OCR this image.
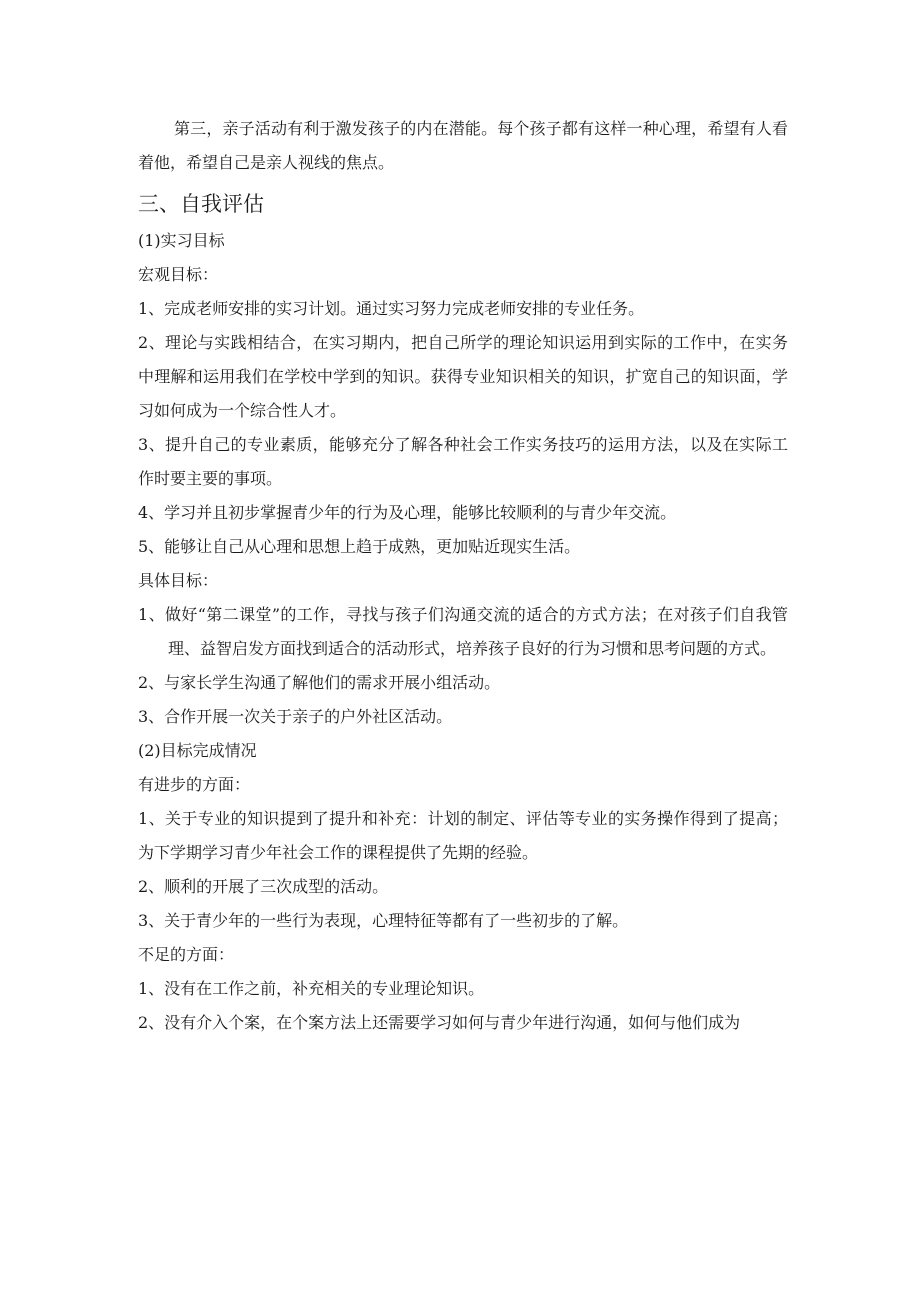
第三，亲子活动有利于激发孩子的内在潜能。每个孩子都有这样一种心理，希望有人看着他，希望自己是亲人视线的焦点。

三、自我评估

(1)实习目标

宏观目标：

1、完成老师安排的实习计划。通过实习努力完成老师安排的专业任务。

2、理论与实践相结合，在实习期内，把自己所学的理论知识运用到实际的工作中，在实务中理解和运用我们在学校中学到的知识。获得专业知识相关的知识，扩宽自己的知识面，学习如何成为一个综合性人才。

3、提升自己的专业素质，能够充分了解各种社会工作实务技巧的运用方法，以及在实际工作时要主要的事项。

4、学习并且初步掌握青少年的行为及心理，能够比较顺利的与青少年交流。

5、能够让自己从心理和思想上趋于成熟，更加贴近现实生活。

具体目标：

1、做好“第二课堂”的工作，寻找与孩子们沟通交流的适合的方式方法；在对孩子们自我管理、益智启发方面找到适合的活动形式，培养孩子良好的行为习惯和思考问题的方式。

2、与家长学生沟通了解他们的需求开展小组活动。

3、合作开展一次关于亲子的户外社区活动。

(2)目标完成情况

有进步的方面：

1、关于专业的知识提到了提升和补充：计划的制定、评估等专业的实务操作得到了提高；为下学期学习青少年社会工作的课程提供了先期的经验。

2、顺利的开展了三次成型的活动。

3、关于青少年的一些行为表现，心理特征等都有了一些初步的了解。

不足的方面：

1、没有在工作之前，补充相关的专业理论知识。

2、没有介入个案，在个案方法上还需要学习如何与青少年进行沟通，如何与他们成为
